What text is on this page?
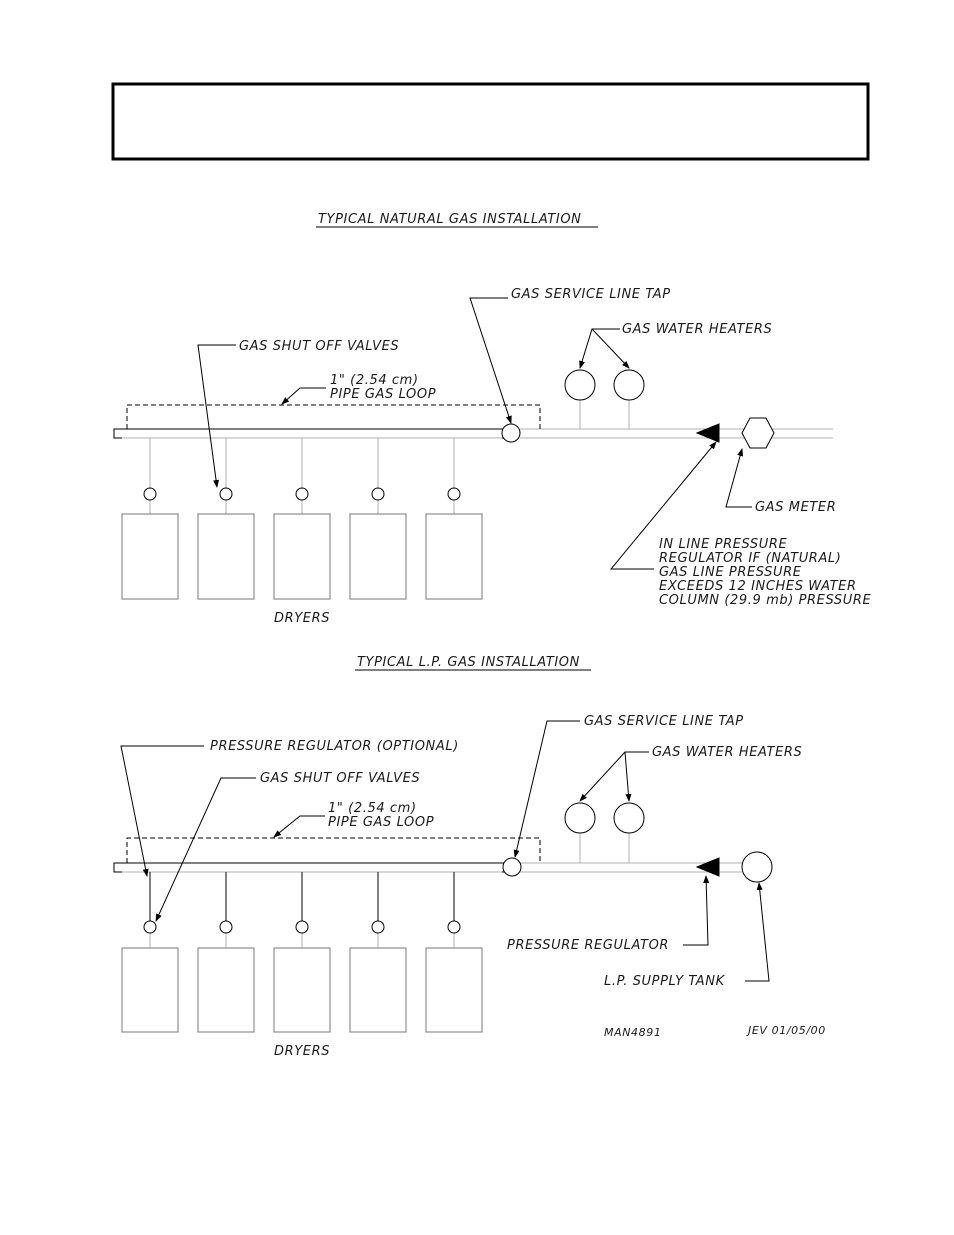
TYPICAL NATURAL GAS INSTALLATION
GAS SERVICE LINE TAP
GAS WATER HEATERS
GAS SHUT OFF VALVES
1" (2.54 cm)
PIPE GAS LOOP
GAS METER
IN LINE PRESSURE
REGULATOR IF (NATURAL)
GAS LINE PRESSURE
EXCEEDS 12 INCHES WATER
COLUMN (29.9 mb) PRESSURE
DRYERS
TYPICAL L.P. GAS INSTALLATION
GAS SERVICE LINE TAP
PRESSURE REGULATOR (OPTIONAL)	GAS WATER HEATERS
GAS SHUT OFF VALVES
1" (2.54 cm)
PIPE GAS LOOP
PRESSURE REGULATOR
L.P. SUPPLY TANK
DRYERS
MAN4891	JEV 01/05/00
